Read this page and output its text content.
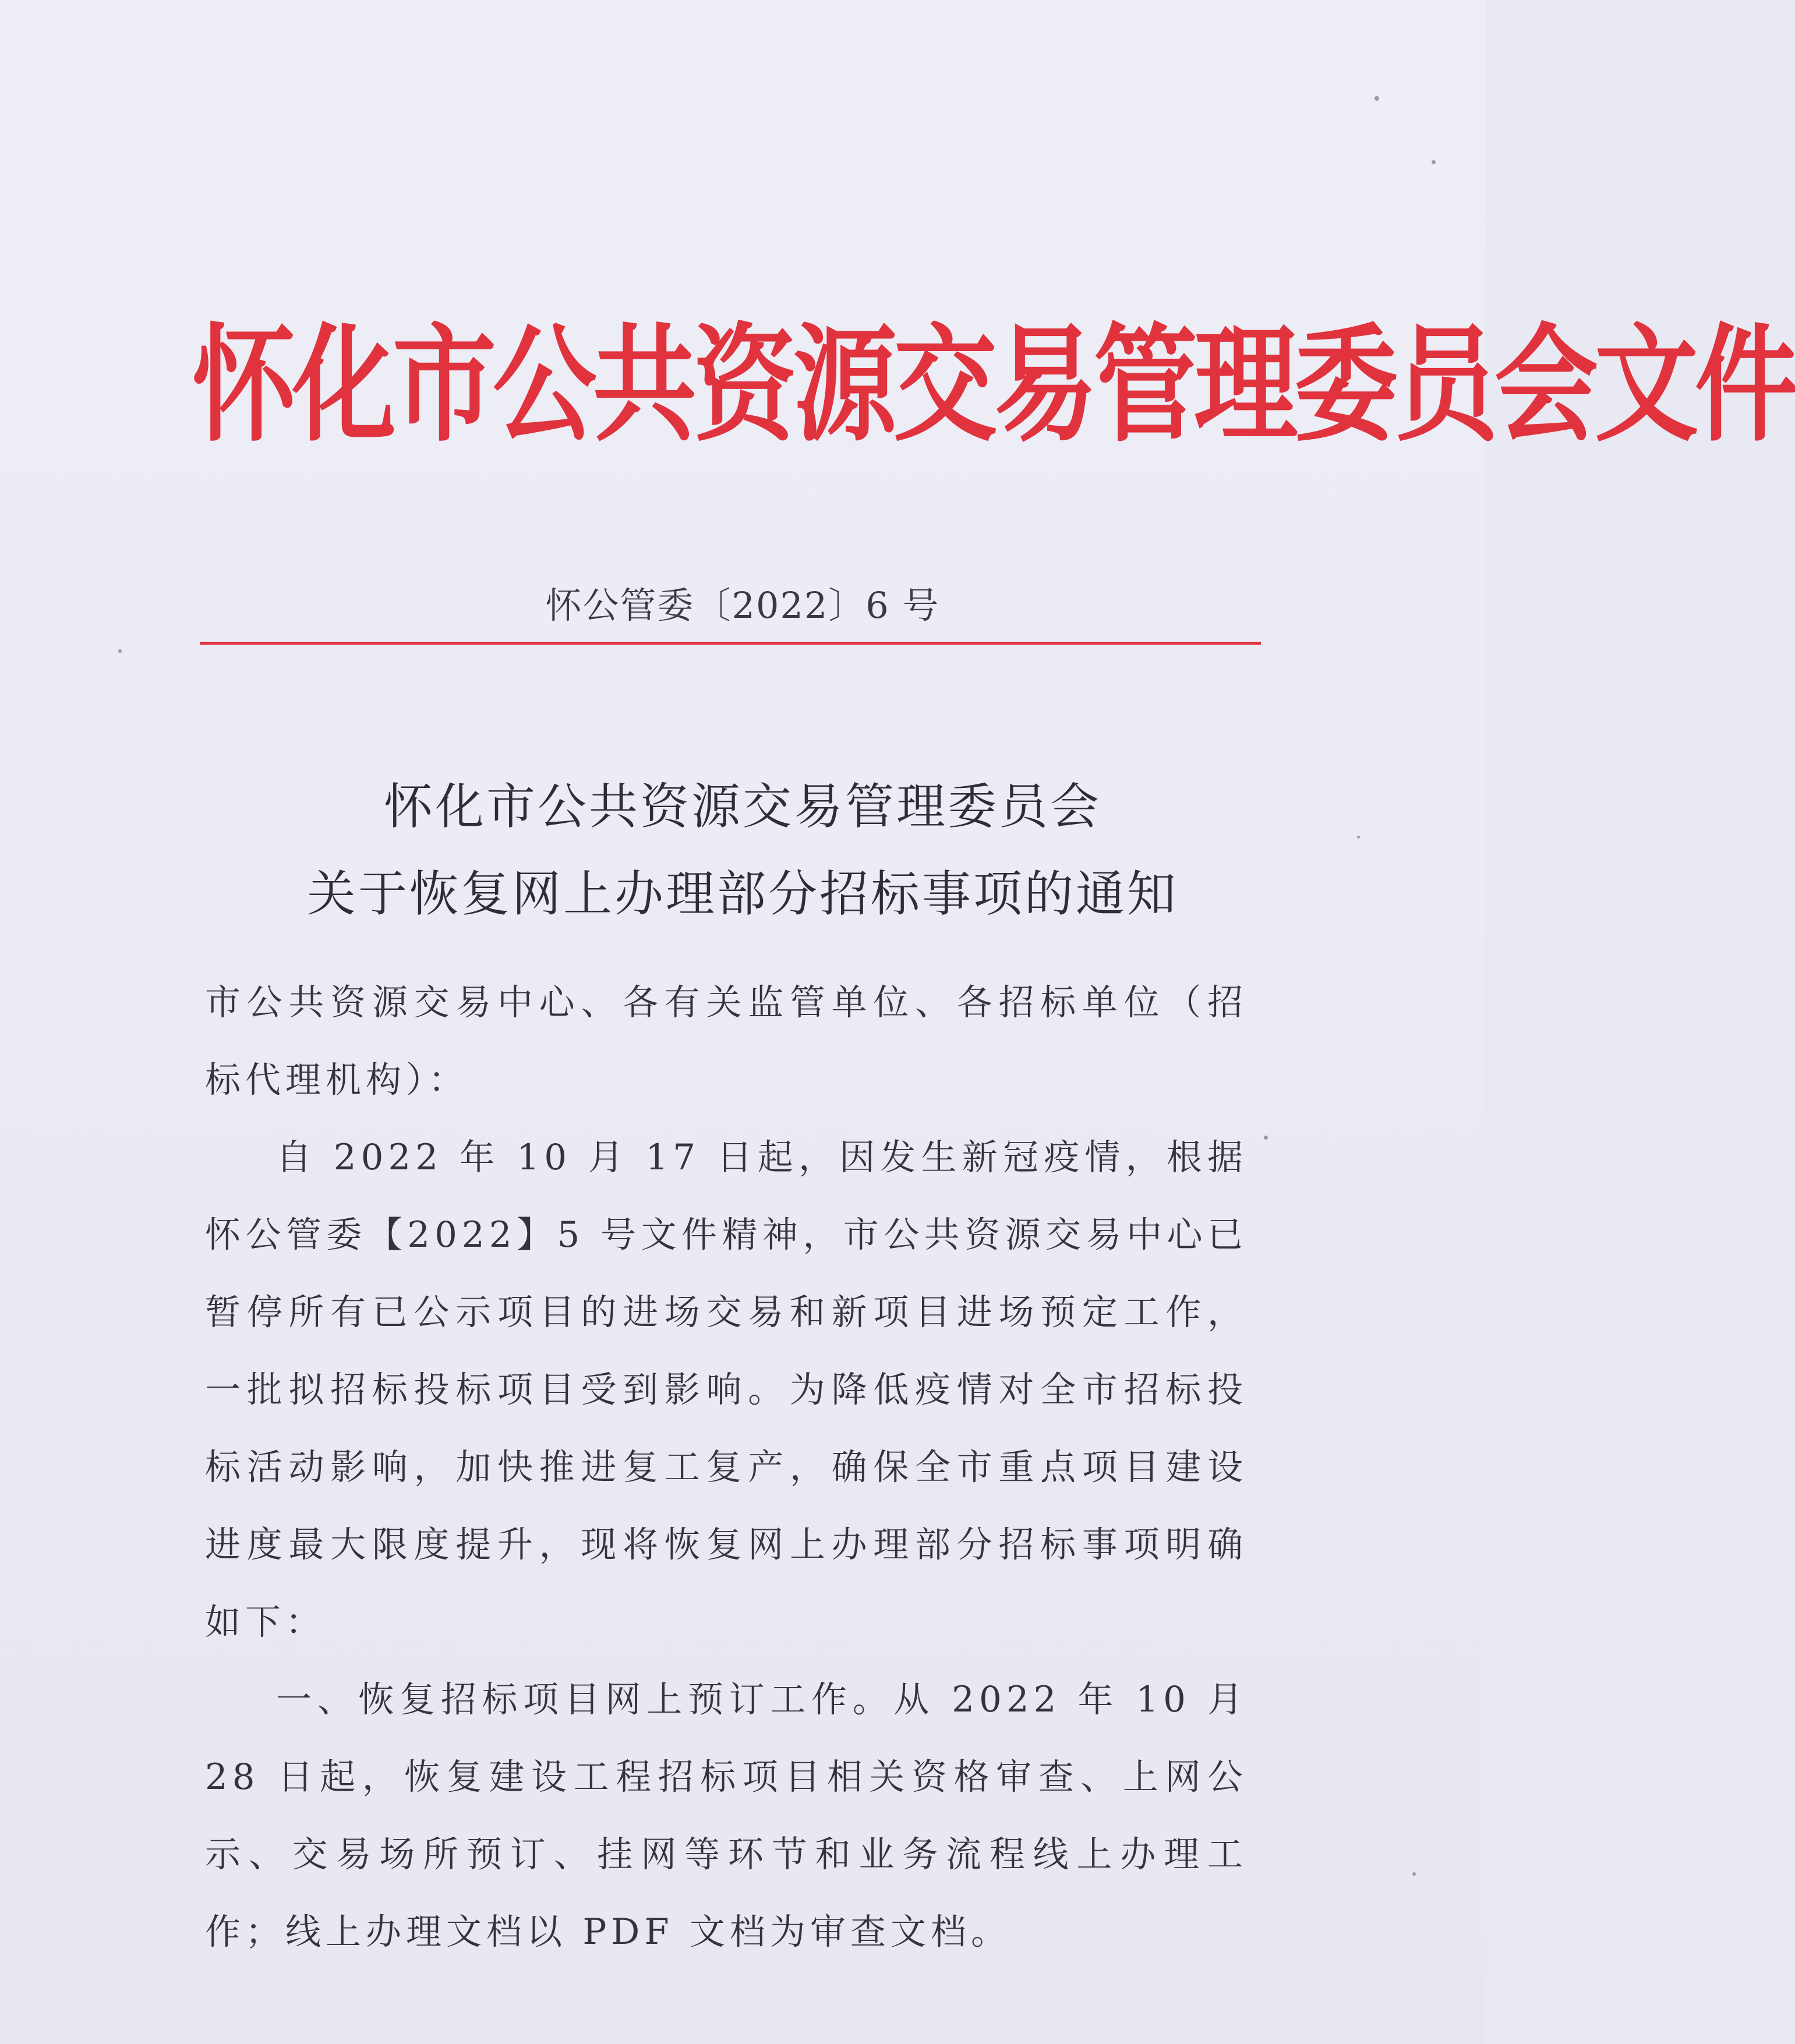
怀化市公共资源交易管理委员会文件
怀公管委〔2022〕6 号
怀化市公共资源交易管理委员会
关于恢复网上办理部分招标事项的通知

市公共资源交易中心、各有关监管单位、各招标单位（招标代理机构）：

自 2022 年 10 月 17 日起，因发生新冠疫情，根据怀公管委【2022】5 号文件精神，市公共资源交易中心已暂停所有已公示项目的进场交易和新项目进场预定工作，一批拟招标投标项目受到影响。为降低疫情对全市招标投标活动影响，加快推进复工复产，确保全市重点项目建设进度最大限度提升，现将恢复网上办理部分招标事项明确如下：

一、恢复招标项目网上预订工作。从 2022 年 10 月 28 日起，恢复建设工程招标项目相关资格审查、上网公示、交易场所预订、挂网等环节和业务流程线上办理工作；线上办理文档以 PDF 文档为审查文档。
